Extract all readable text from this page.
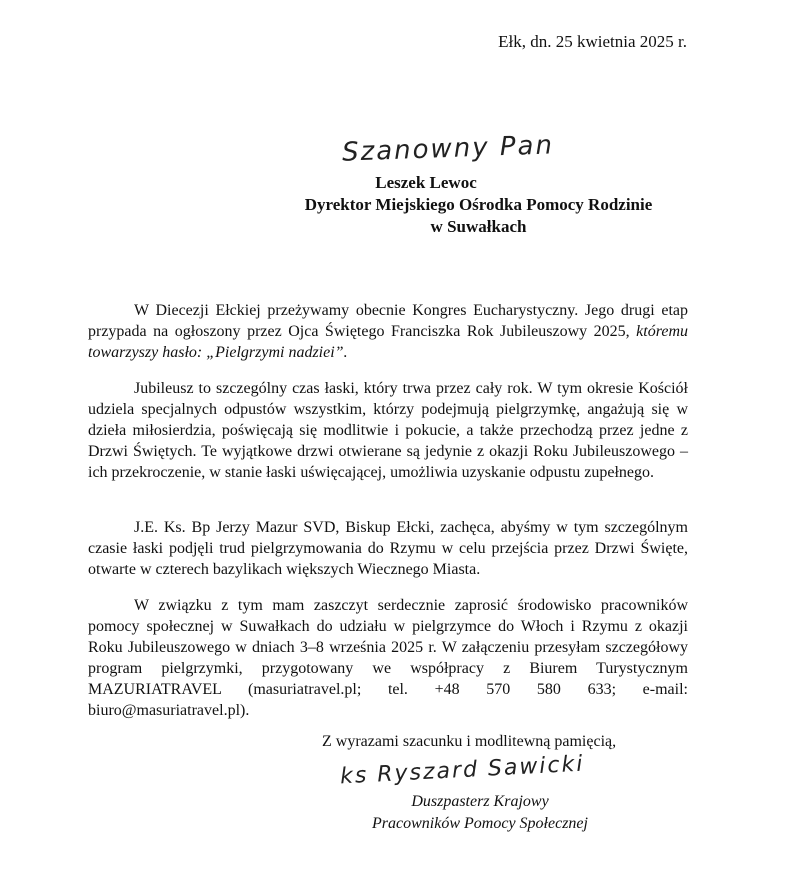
Ełk, dn. 25 kwietnia 2025 r.
Szanowny Pan
Leszek Lewoc
Dyrektor Miejskiego Ośrodka Pomocy Rodzinie
w Suwałkach

W Diecezji Ełckiej przeżywamy obecnie Kongres Eucharystyczny. Jego drugi etap przypada na ogłoszony przez Ojca Świętego Franciszka Rok Jubileuszowy 2025, któremu towarzyszy hasło: „Pielgrzymi nadziei”.

Jubileusz to szczególny czas łaski, który trwa przez cały rok. W tym okresie Kościół udziela specjalnych odpustów wszystkim, którzy podejmują pielgrzymkę, angażują się w dzieła miłosierdzia, poświęcają się modlitwie i pokucie, a także przechodzą przez jedne z Drzwi Świętych. Te wyjątkowe drzwi otwierane są jedynie z okazji Roku Jubileuszowego – ich przekroczenie, w stanie łaski uświęcającej, umożliwia uzyskanie odpustu zupełnego.

J.E. Ks. Bp Jerzy Mazur SVD, Biskup Ełcki, zachęca, abyśmy w tym szczególnym czasie łaski podjęli trud pielgrzymowania do Rzymu w celu przejścia przez Drzwi Święte, otwarte w czterech bazylikach większych Wiecznego Miasta.

W związku z tym mam zaszczyt serdecznie zaprosić środowisko pracowników pomocy społecznej w Suwałkach do udziału w pielgrzymce do Włoch i Rzymu z okazji Roku Jubileuszowego w dniach 3–8 września 2025 r. W załączeniu przesyłam szczegółowy program pielgrzymki, przygotowany we współpracy z Biurem Turystycznym MAZURIATRAVEL (masuriatravel.pl; tel. +48 570 580 633; e-mail: biuro@masuriatravel.pl).

Z wyrazami szacunku i modlitewną pamięcią,
ks Ryszard Sawicki
Duszpasterz Krajowy
Pracowników Pomocy Społecznej
